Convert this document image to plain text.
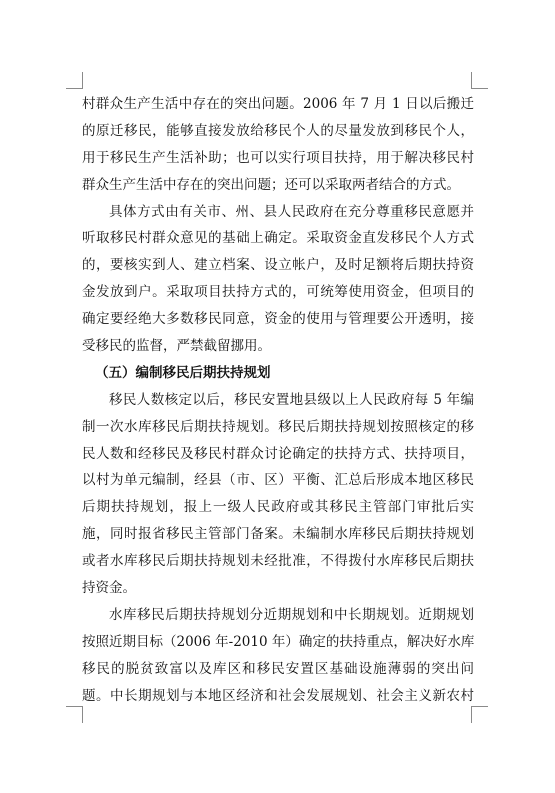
村群众生产生活中存在的突出问题。2006 年 7 月 1 日以后搬迁
的原迁移民，能够直接发放给移民个人的尽量发放到移民个人，
用于移民生产生活补助；也可以实行项目扶持，用于解决移民村
群众生产生活中存在的突出问题；还可以采取两者结合的方式。
具体方式由有关市、州、县人民政府在充分尊重移民意愿并
听取移民村群众意见的基础上确定。采取资金直发移民个人方式
的，要核实到人、建立档案、设立帐户，及时足额将后期扶持资
金发放到户。采取项目扶持方式的，可统筹使用资金，但项目的
确定要经绝大多数移民同意，资金的使用与管理要公开透明，接
受移民的监督，严禁截留挪用。
（五）编制移民后期扶持规划
移民人数核定以后，移民安置地县级以上人民政府每 5 年编
制一次水库移民后期扶持规划。移民后期扶持规划按照核定的移
民人数和经移民及移民村群众讨论确定的扶持方式、扶持项目，
以村为单元编制，经县（市、区）平衡、汇总后形成本地区移民
后期扶持规划，报上一级人民政府或其移民主管部门审批后实
施，同时报省移民主管部门备案。未编制水库移民后期扶持规划
或者水库移民后期扶持规划未经批准，不得拨付水库移民后期扶
持资金。
水库移民后期扶持规划分近期规划和中长期规划。近期规划
按照近期目标（2006 年-2010 年）确定的扶持重点，解决好水库
移民的脱贫致富以及库区和移民安置区基础设施薄弱的突出问
题。中长期规划与本地区经济和社会发展规划、社会主义新农村
